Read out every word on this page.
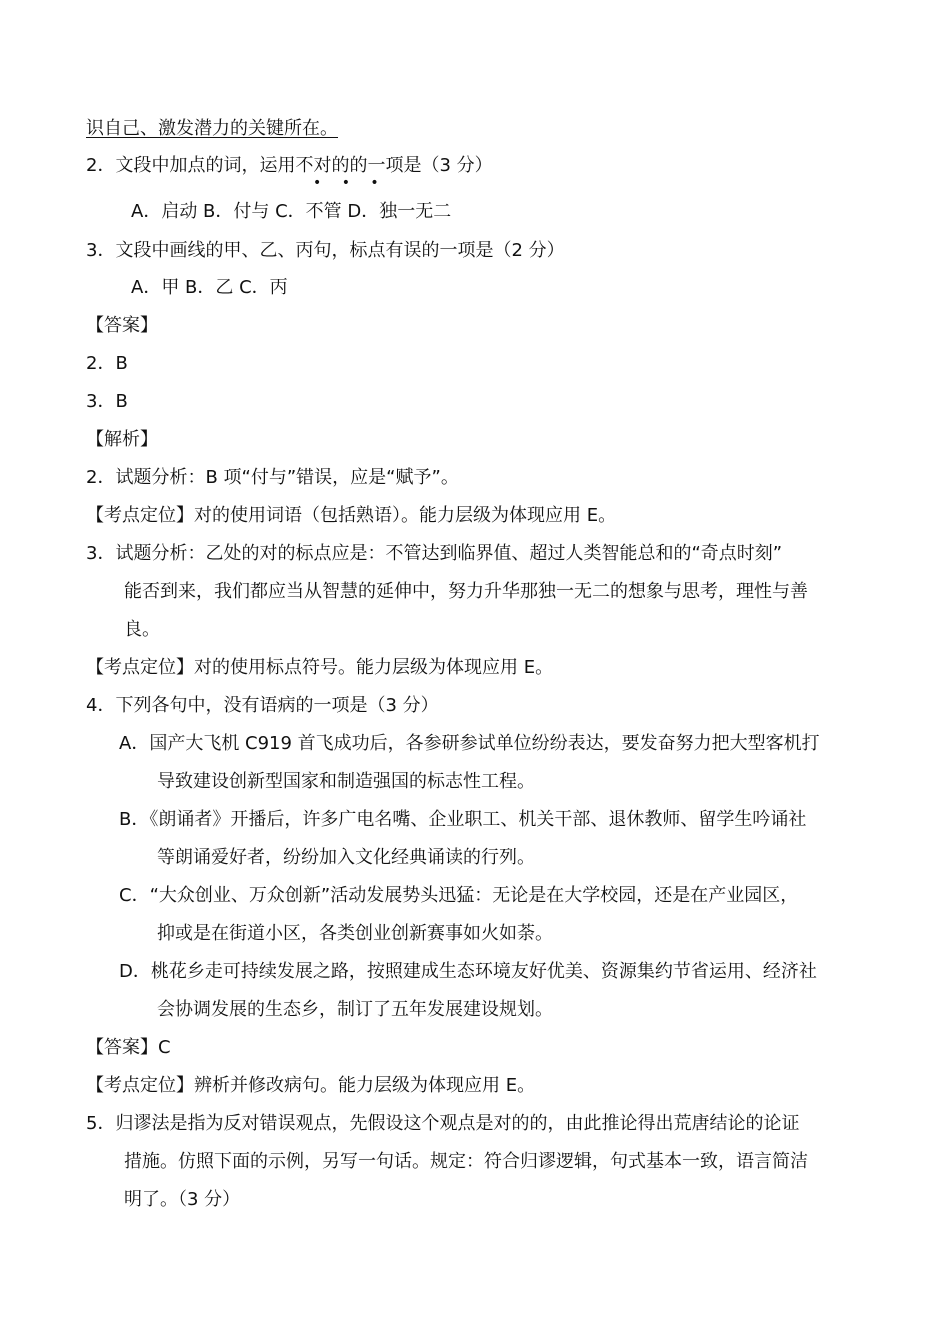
识自己、激发潜力的关键所在。
2．文段中加点的词，运用不对的的一项是（3 分）
• • •
A．启动 B．付与 C．不管 D．独一无二
3．文段中画线的甲、乙、丙句，标点有误的一项是（2 分）
A．甲 B．乙 C．丙
【答案】
2．B
3．B
【解析】
2．试题分析：B 项“付与”错误，应是“赋予”。
【考点定位】对的使用词语（包括熟语）。能力层级为体现应用 E。
3．试题分析：乙处的对的标点应是：不管达到临界值、超过人类智能总和的“奇点时刻”
能否到来，我们都应当从智慧的延伸中，努力升华那独一无二的想象与思考，理性与善
良。
【考点定位】对的使用标点符号。能力层级为体现应用 E。
4．下列各句中，没有语病的一项是（3 分）
A．国产大飞机 C919 首飞成功后，各参研参试单位纷纷表达，要发奋努力把大型客机打
导致建设创新型国家和制造强国的标志性工程。
B．《朗诵者》开播后，许多广电名嘴、企业职工、机关干部、退休教师、留学生吟诵社
等朗诵爱好者，纷纷加入文化经典诵读的行列。
C．“大众创业、万众创新”活动发展势头迅猛：无论是在大学校园，还是在产业园区，
抑或是在街道小区，各类创业创新赛事如火如荼。
D．桃花乡走可持续发展之路，按照建成生态环境友好优美、资源集约节省运用、经济社
会协调发展的生态乡，制订了五年发展建设规划。
【答案】C
【考点定位】辨析并修改病句。能力层级为体现应用 E。
5．归谬法是指为反对错误观点，先假设这个观点是对的的，由此推论得出荒唐结论的论证
措施。仿照下面的示例，另写一句话。规定：符合归谬逻辑，句式基本一致，语言简洁
明了。（3 分）
